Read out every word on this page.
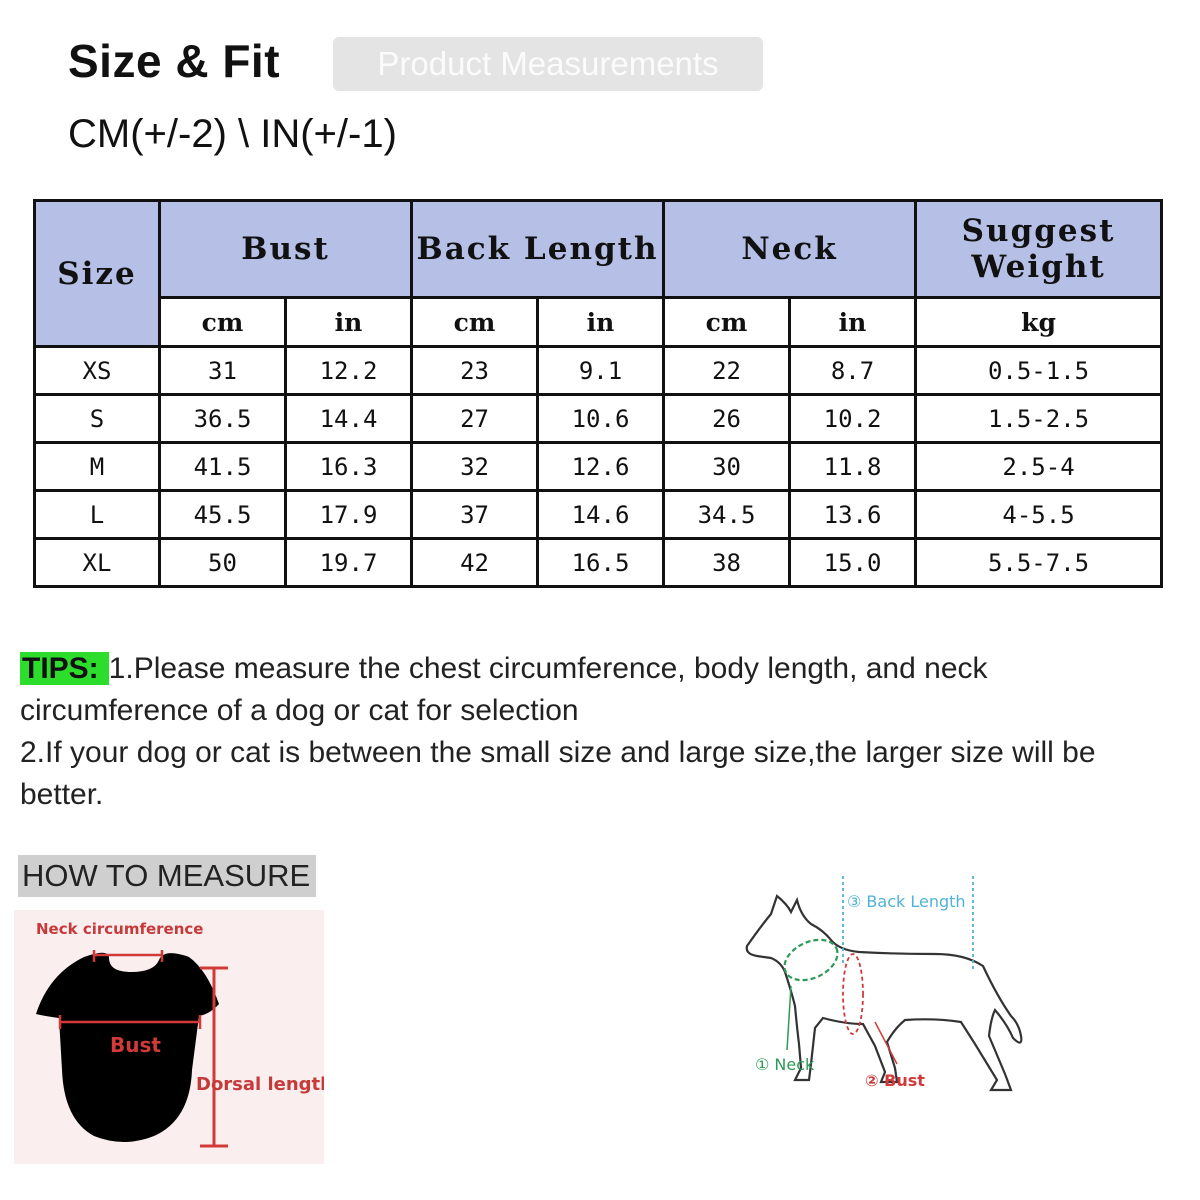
Size & Fit	Product Measurements
CM(+/-2) \ IN(+/-1)
Size	Bust		Back Length		Neck		Suggest Weight
	cm	in	cm	in	cm	in	kg
XS	31	12.2	23	9.1	22	8.7	0.5-1.5
S	36.5	14.4	27	10.6	26	10.2	1.5-2.5
M	41.5	16.3	32	12.6	30	11.8	2.5-4
L	45.5	17.9	37	14.6	34.5	13.6	4-5.5
XL	50	19.7	42	16.5	38	15.0	5.5-7.5
TIPS: 1.Please measure the chest circumference, body length, and neck circumference of a dog or cat for selection
2.If your dog or cat is between the small size and large size,the larger size will be better.
HOW TO MEASURE
Neck circumference
Bust
Dorsal length
③ Back Length
① Neck
② Bust
